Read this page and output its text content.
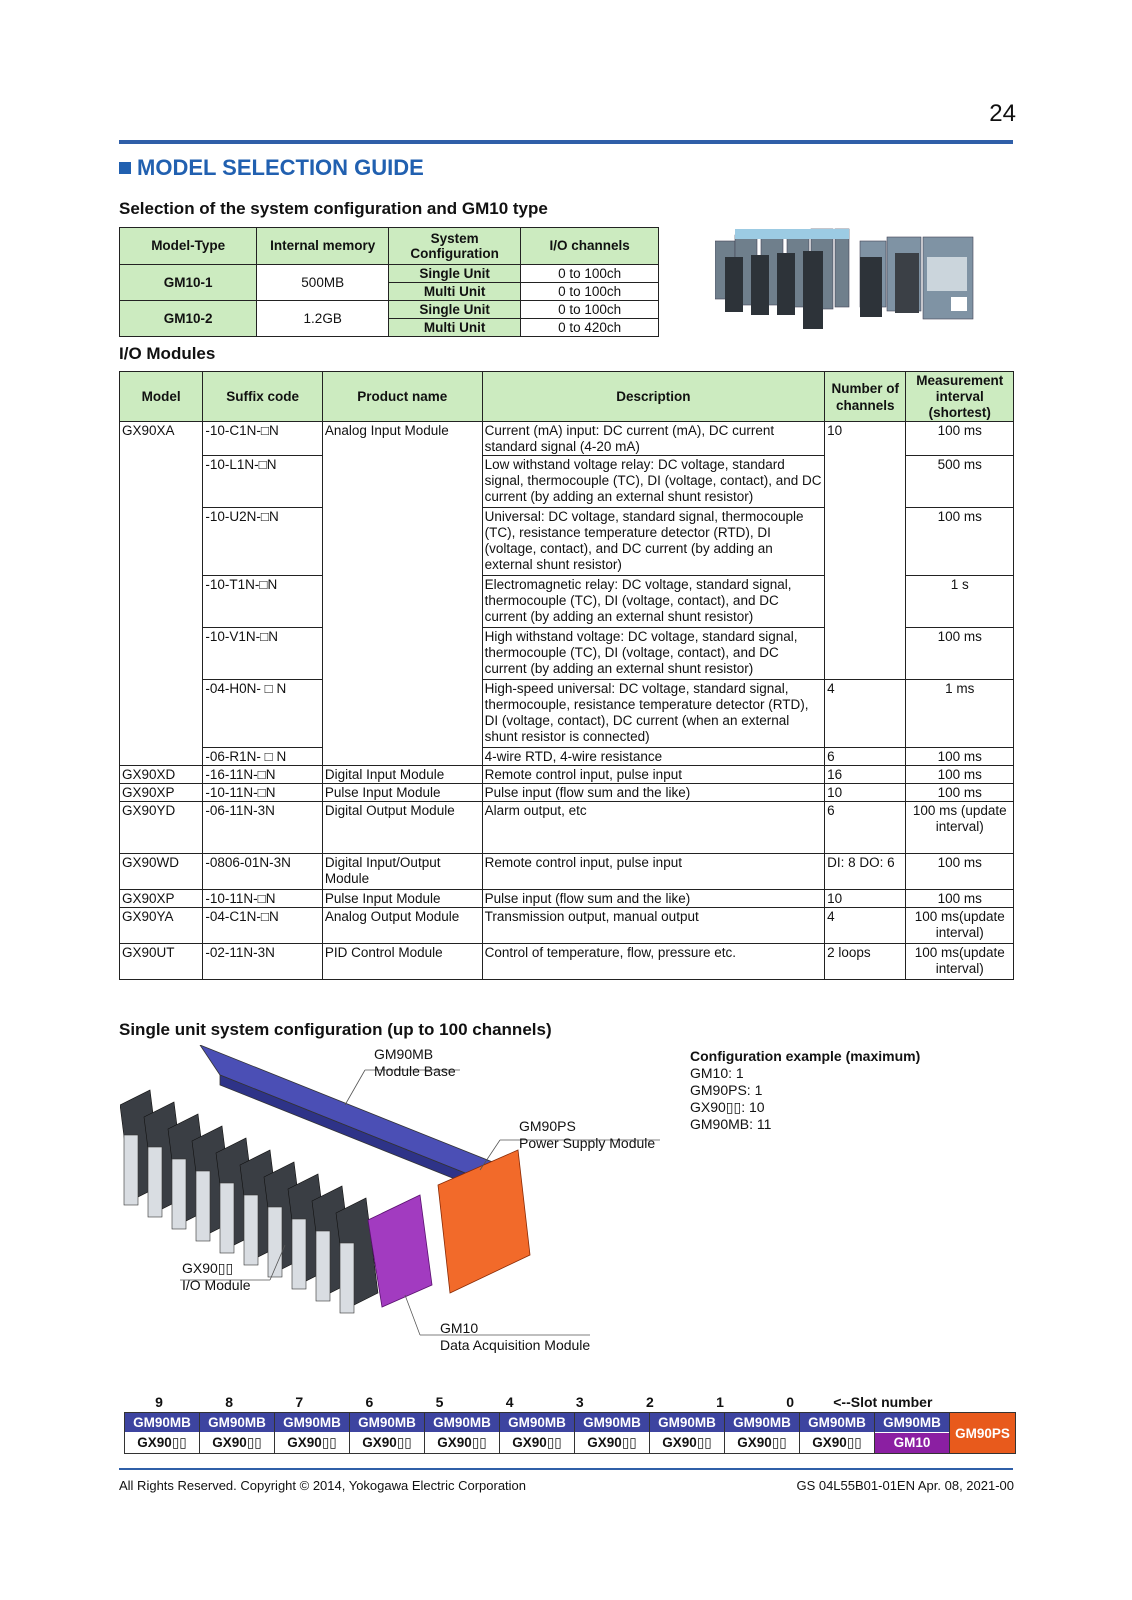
24
MODEL SELECTION GUIDE
Selection of the system configuration and GM10 type
Model-Type	Internal memory	System Configuration	I/O channels
GM10-1	500MB	Single Unit	0 to 100ch
		Multi Unit	0 to 100ch
GM10-2	1.2GB	Single Unit	0 to 100ch
		Multi Unit	0 to 420ch
I/O Modules
Model	Suffix code	Product name	Description	Number of channels	Measurement interval (shortest)
GX90XA	-10-C1N-□N	Analog Input Module	Current (mA) input: DC current (mA), DC current standard signal (4-20 mA)	10	100 ms
	-10-L1N-□N		Low withstand voltage relay: DC voltage, standard signal, thermocouple (TC), DI (voltage, contact), and DC current (by adding an external shunt resistor)		500 ms
	-10-U2N-□N		Universal: DC voltage, standard signal, thermocouple (TC), resistance temperature detector (RTD), DI (voltage, contact), and DC current (by adding an external shunt resistor)		100 ms
	-10-T1N-□N		Electromagnetic relay: DC voltage, standard signal, thermocouple (TC), DI (voltage, contact), and DC current (by adding an external shunt resistor)		1 s
	-10-V1N-□N		High withstand voltage: DC voltage, standard signal, thermocouple (TC), DI (voltage, contact), and DC current (by adding an external shunt resistor)		100 ms
	-04-H0N- □ N		High-speed universal: DC voltage, standard signal, thermocouple, resistance temperature detector (RTD), DI (voltage, contact), DC current (when an external shunt resistor is connected)	4	1 ms
	-06-R1N- □ N		4-wire RTD, 4-wire resistance	6	100 ms
GX90XD	-16-11N-□N	Digital Input Module	Remote control input, pulse input	16	100 ms
GX90XP	-10-11N-□N	Pulse Input Module	Pulse input (flow sum and the like)	10	100 ms
GX90YD	-06-11N-3N	Digital Output Module	Alarm output, etc	6	100 ms (update interval)
GX90WD	-0806-01N-3N	Digital Input/Output Module	Remote control input, pulse input	DI: 8 DO: 6	100 ms
GX90XP	-10-11N-□N	Pulse Input Module	Pulse input (flow sum and the like)	10	100 ms
GX90YA	-04-C1N-□N	Analog Output Module	Transmission output, manual output	4	100 ms(update interval)
GX90UT	-02-11N-3N	PID Control Module	Control of temperature, flow, pressure etc.	2 loops	100 ms(update interval)
Single unit system configuration (up to 100 channels)
GM90MB
Module Base
GM90PS
Power Supply Module
GX90▯▯
I/O Module
GM10
Data Acquisition Module
Configuration example (maximum)
GM10: 1
GM90PS: 1
GX90▯▯: 10
GM90MB: 11
9	8	7	6	5	4	3	2	1	0	<--Slot number
GM90MB
GX90▯▯
GM90MB
GX90▯▯
GM90MB
GX90▯▯
GM90MB
GX90▯▯
GM90MB
GX90▯▯
GM90MB
GX90▯▯
GM90MB
GX90▯▯
GM90MB
GX90▯▯
GM90MB
GX90▯▯
GM90MB
GX90▯▯
GM90MB
GM10
GM90PS
All Rights Reserved. Copyright © 2014, Yokogawa Electric Corporation	GS 04L55B01-01EN Apr. 08, 2021-00
